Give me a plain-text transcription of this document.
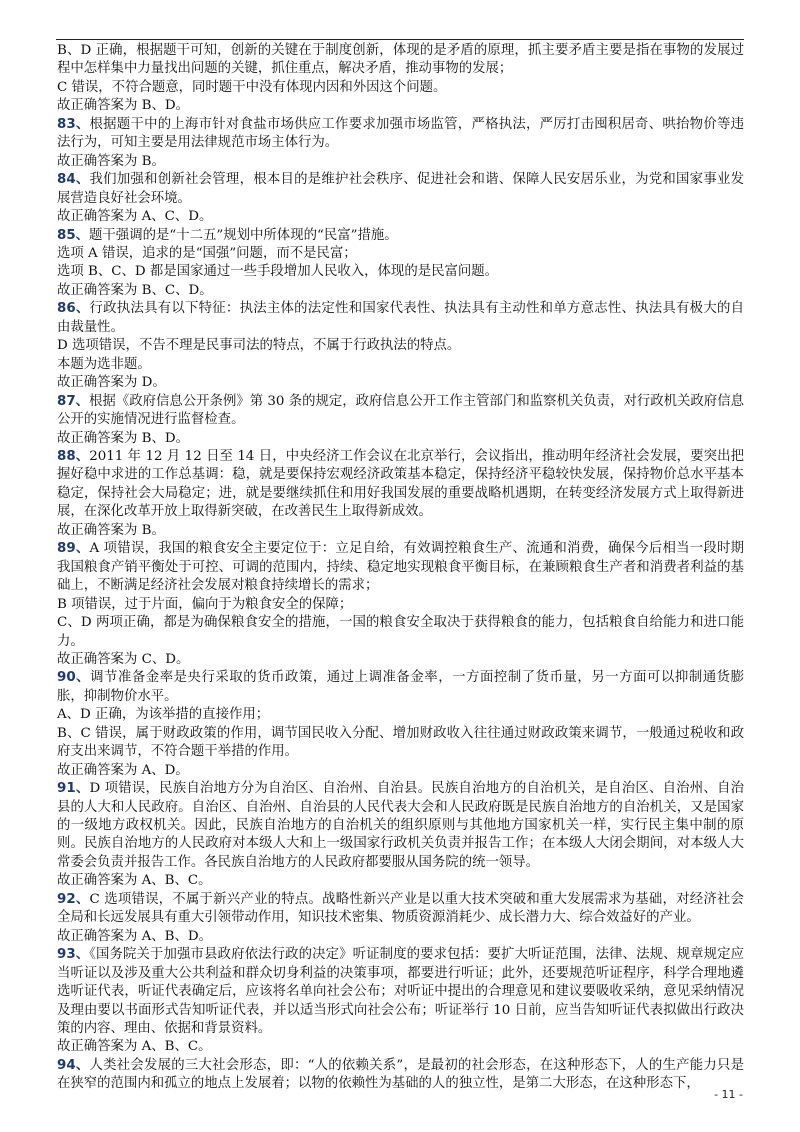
B、D 正确，根据题干可知，创新的关键在于制度创新，体现的是矛盾的原理，抓主要矛盾主要是指在事物的发展过程中怎样集中力量找出问题的关键，抓住重点，解决矛盾，推动事物的发展；

C 错误，不符合题意，同时题干中没有体现内因和外因这个问题。

故正确答案为 B、D。

83、根据题干中的上海市针对食盐市场供应工作要求加强市场监管，严格执法，严厉打击囤积居奇、哄抬物价等违法行为，可知主要是用法律规范市场主体行为。

故正确答案为 B。

84、我们加强和创新社会管理，根本目的是维护社会秩序、促进社会和谐、保障人民安居乐业，为党和国家事业发展营造良好社会环境。

故正确答案为 A、C、D。

85、题干强调的是“十二五”规划中所体现的“民富”措施。

选项 A 错误，追求的是“国强”问题，而不是民富；

选项 B、C、D 都是国家通过一些手段增加人民收入，体现的是民富问题。

故正确答案为 B、C、D。

86、行政执法具有以下特征：执法主体的法定性和国家代表性、执法具有主动性和单方意志性、执法具有极大的自由裁量性。

D 选项错误，不告不理是民事司法的特点，不属于行政执法的特点。

本题为选非题。

故正确答案为 D。

87、根据《政府信息公开条例》第 30 条的规定，政府信息公开工作主管部门和监察机关负责，对行政机关政府信息公开的实施情况进行监督检查。

故正确答案为 B、D。

88、2011 年 12 月 12 日至 14 日，中央经济工作会议在北京举行，会议指出，推动明年经济社会发展，要突出把握好稳中求进的工作总基调：稳，就是要保持宏观经济政策基本稳定，保持经济平稳较快发展，保持物价总水平基本稳定，保持社会大局稳定；进，就是要继续抓住和用好我国发展的重要战略机遇期，在转变经济发展方式上取得新进展，在深化改革开放上取得新突破，在改善民生上取得新成效。

故正确答案为 B。

89、A 项错误，我国的粮食安全主要定位于：立足自给，有效调控粮食生产、流通和消费，确保今后相当一段时期我国粮食产销平衡处于可控、可调的范围内，持续、稳定地实现粮食平衡目标，在兼顾粮食生产者和消费者利益的基础上，不断满足经济社会发展对粮食持续增长的需求；

B 项错误，过于片面，偏向于为粮食安全的保障；

C、D 两项正确，都是为确保粮食安全的措施，一国的粮食安全取决于获得粮食的能力，包括粮食自给能力和进口能力。

故正确答案为 C、D。

90、调节准备金率是央行采取的货币政策，通过上调准备金率，一方面控制了货币量，另一方面可以抑制通货膨胀，抑制物价水平。

A、D 正确，为该举措的直接作用；

B、C 错误，属于财政政策的作用，调节国民收入分配、增加财政收入往往通过财政政策来调节，一般通过税收和政府支出来调节，不符合题干举措的作用。

故正确答案为 A、D。

91、D 项错误，民族自治地方分为自治区、自治州、自治县。民族自治地方的自治机关，是自治区、自治州、自治县的人大和人民政府。自治区、自治州、自治县的人民代表大会和人民政府既是民族自治地方的自治机关，又是国家的一级地方政权机关。因此，民族自治地方的自治机关的组织原则与其他地方国家机关一样，实行民主集中制的原则。民族自治地方的人民政府对本级人大和上一级国家行政机关负责并报告工作；在本级人大闭会期间，对本级人大常委会负责并报告工作。各民族自治地方的人民政府都要服从国务院的统一领导。

故正确答案为 A、B、C。

92、C 选项错误，不属于新兴产业的特点。战略性新兴产业是以重大技术突破和重大发展需求为基础，对经济社会全局和长远发展具有重大引领带动作用，知识技术密集、物质资源消耗少、成长潜力大、综合效益好的产业。

故正确答案为 A、B、D。

93、《国务院关于加强市县政府依法行政的决定》听证制度的要求包括：要扩大听证范围，法律、法规、规章规定应当听证以及涉及重大公共利益和群众切身利益的决策事项，都要进行听证；此外，还要规范听证程序，科学合理地遴选听证代表，听证代表确定后，应该将名单向社会公布；对听证中提出的合理意见和建议要吸收采纳，意见采纳情况及理由要以书面形式告知听证代表，并以适当形式向社会公布；听证举行 10 日前，应当告知听证代表拟做出行政决策的内容、理由、依据和背景资料。

故正确答案为 A、B、C。

94、人类社会发展的三大社会形态，即：“人的依赖关系”，是最初的社会形态，在这种形态下，人的生产能力只是在狭窄的范围内和孤立的地点上发展着；以物的依赖性为基础的人的独立性，是第二大形态，在这种形态下，

- 11 -
